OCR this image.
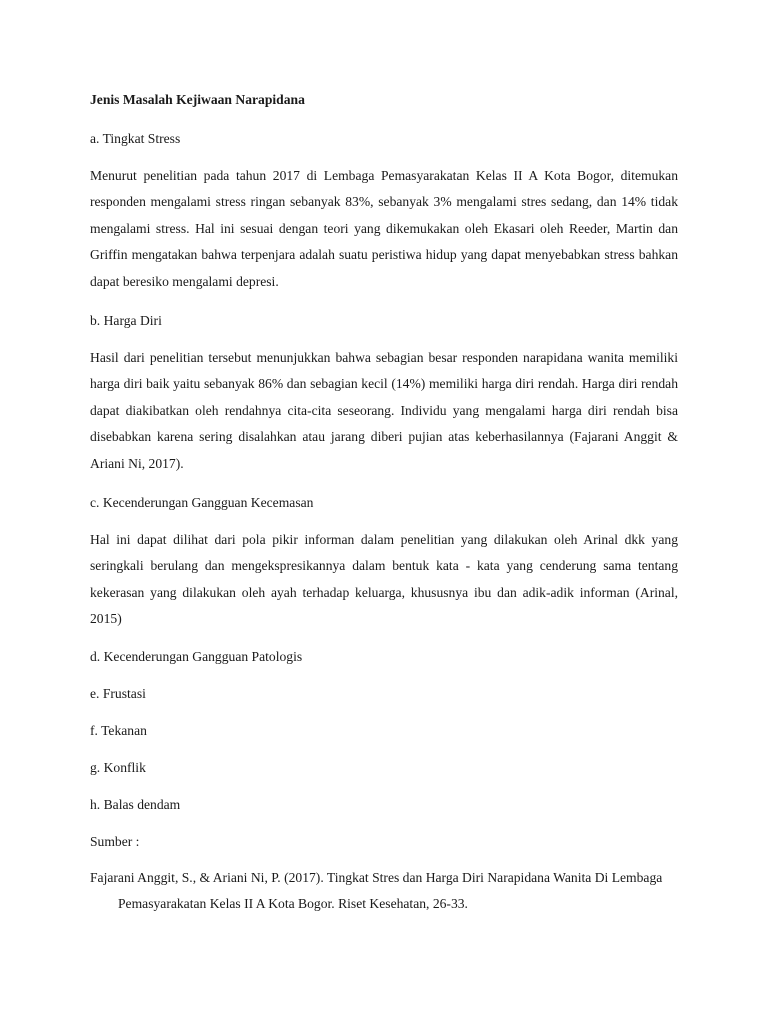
Jenis Masalah Kejiwaan Narapidana
a. Tingkat Stress
Menurut penelitian pada tahun 2017 di Lembaga Pemasyarakatan Kelas II A Kota Bogor, ditemukan responden mengalami stress ringan sebanyak 83%, sebanyak 3% mengalami stres sedang, dan 14% tidak mengalami stress. Hal ini sesuai dengan teori yang dikemukakan oleh Ekasari oleh Reeder, Martin dan Griffin mengatakan bahwa terpenjara adalah suatu peristiwa hidup yang dapat menyebabkan stress bahkan dapat beresiko mengalami depresi.
b. Harga Diri
Hasil dari penelitian tersebut menunjukkan bahwa sebagian besar responden narapidana wanita memiliki harga diri baik yaitu sebanyak 86% dan sebagian kecil (14%) memiliki harga diri rendah. Harga diri rendah dapat diakibatkan oleh rendahnya cita-cita seseorang. Individu yang mengalami harga diri rendah bisa disebabkan karena sering disalahkan atau jarang diberi pujian atas keberhasilannya (Fajarani Anggit & Ariani Ni, 2017).
c. Kecenderungan Gangguan Kecemasan
Hal ini dapat dilihat dari pola pikir informan dalam penelitian yang dilakukan oleh Arinal dkk yang seringkali berulang dan mengekspresikannya dalam bentuk kata - kata yang cenderung sama tentang kekerasan yang dilakukan oleh ayah terhadap keluarga, khususnya ibu dan adik-adik informan (Arinal, 2015)
d. Kecenderungan Gangguan Patologis
e. Frustasi
f. Tekanan
g. Konflik
h. Balas dendam
Sumber :
Fajarani Anggit, S., & Ariani Ni, P. (2017). Tingkat Stres dan Harga Diri Narapidana Wanita Di Lembaga Pemasyarakatan Kelas II A Kota Bogor. Riset Kesehatan, 26-33.
